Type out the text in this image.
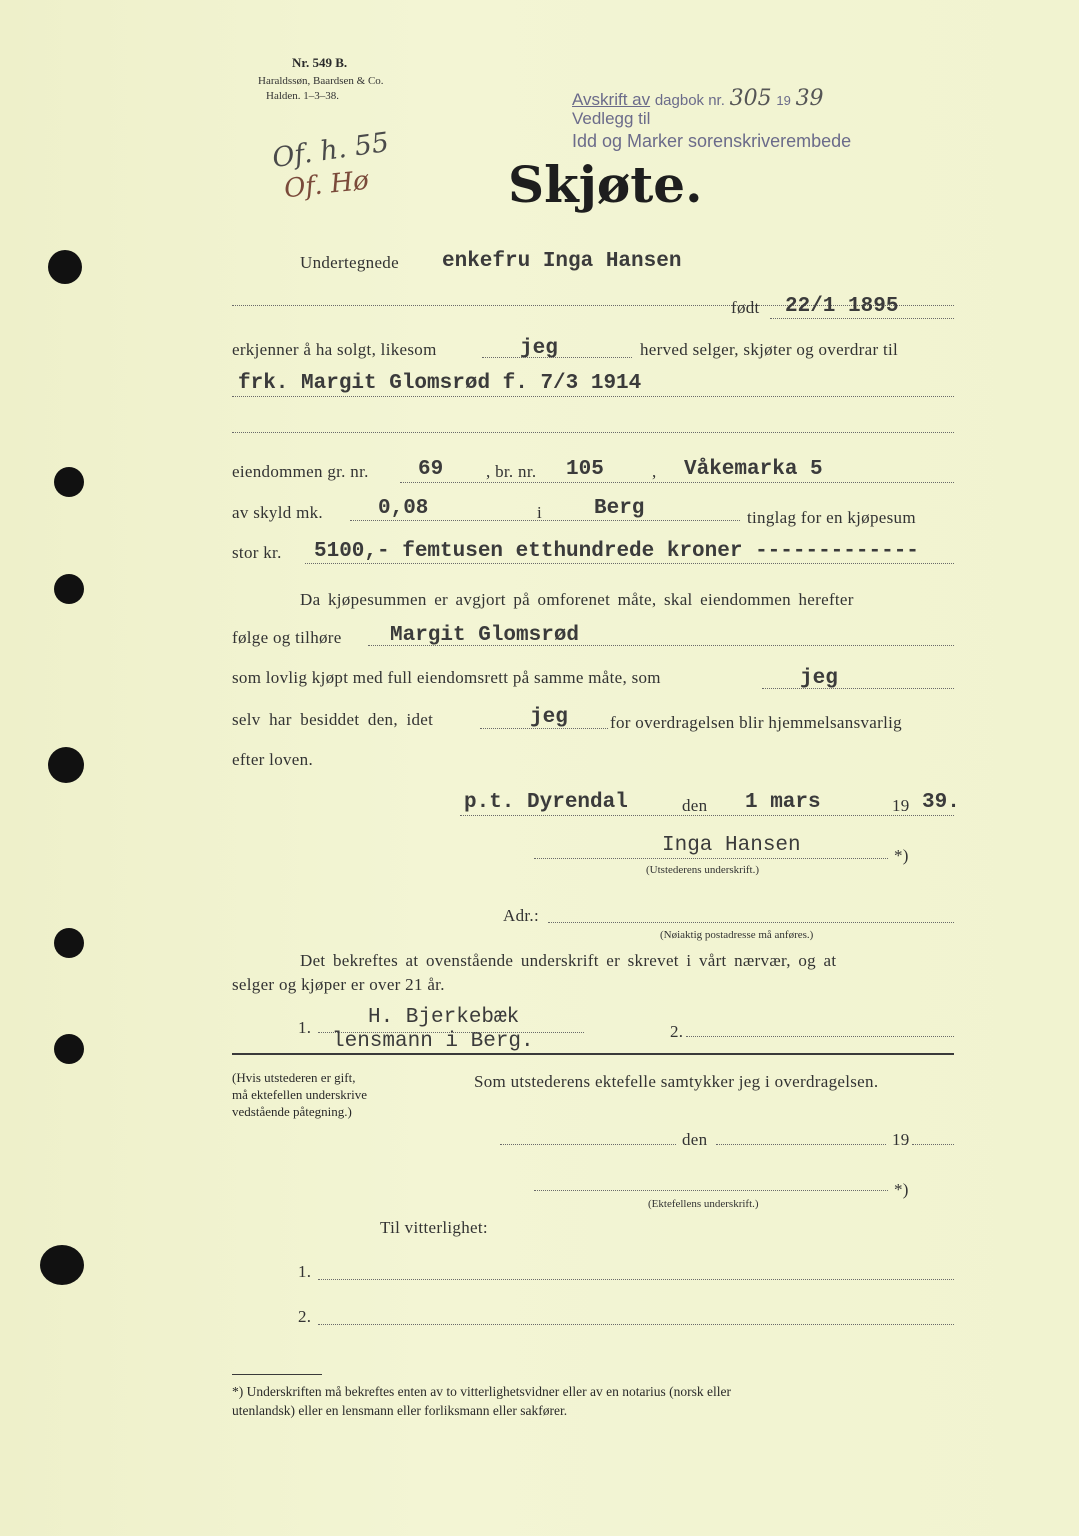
Nr. 549 B.
Haraldssøn, Baardsen & Co.
Halden. 1–3–38.	Avskrift av dagbok nr. 305 19 39
Vedlegg til
Idd og Marker sorenskriverembede
Of. h. 55
Of. Hø	Skjøte.
Undertegnede enkefru Inga Hansen
født 22/1 1895
erkjenner å ha solgt, likesom	jeg	herved selger, skjøter og overdrar til
frk. Margit Glomsrød f. 7/3 1914
eiendommen gr. nr. 69	, br. nr. 105	, Våkemarka 5
av skyld mk.	0,08	i Berg	tinglag for en kjøpesum
stor kr. 5100,- femtusen etthundrede kroner -------------
Da kjøpesummen er avgjort på omforenet måte, skal eiendommen herefter
følge og tilhøre Margit Glomsrød
som lovlig kjøpt med full eiendomsrett på samme måte, som	jeg
selv har besiddet den, idet	jeg for overdragelsen blir hjemmelsansvarlig
efter loven.
p.t. Dyrendal	den 1 mars	19 39.
Inga Hansen	*)
(Utstederens underskrift.)
Adr.:
(Nøiaktig postadresse må anføres.)
Det bekreftes at ovenstående underskrift er skrevet i vårt nærvær, og at
selger og kjøper er over 21 år.
1.	H. Bjerkebæk
lensmann i Berg.	2.
(Hvis utstederen er gift,
må ektefellen underskrive
vedstående påtegning.)
Som utstederens ektefelle samtykker jeg i overdragelsen.
den	19
*)
(Ektefellens underskrift.)
Til vitterlighet:
1.
2.
*) Underskriften må bekreftes enten av to vitterlighetsvidner eller av en notarius (norsk eller
utenlandsk) eller en lensmann eller forliksmann eller sakfører.
